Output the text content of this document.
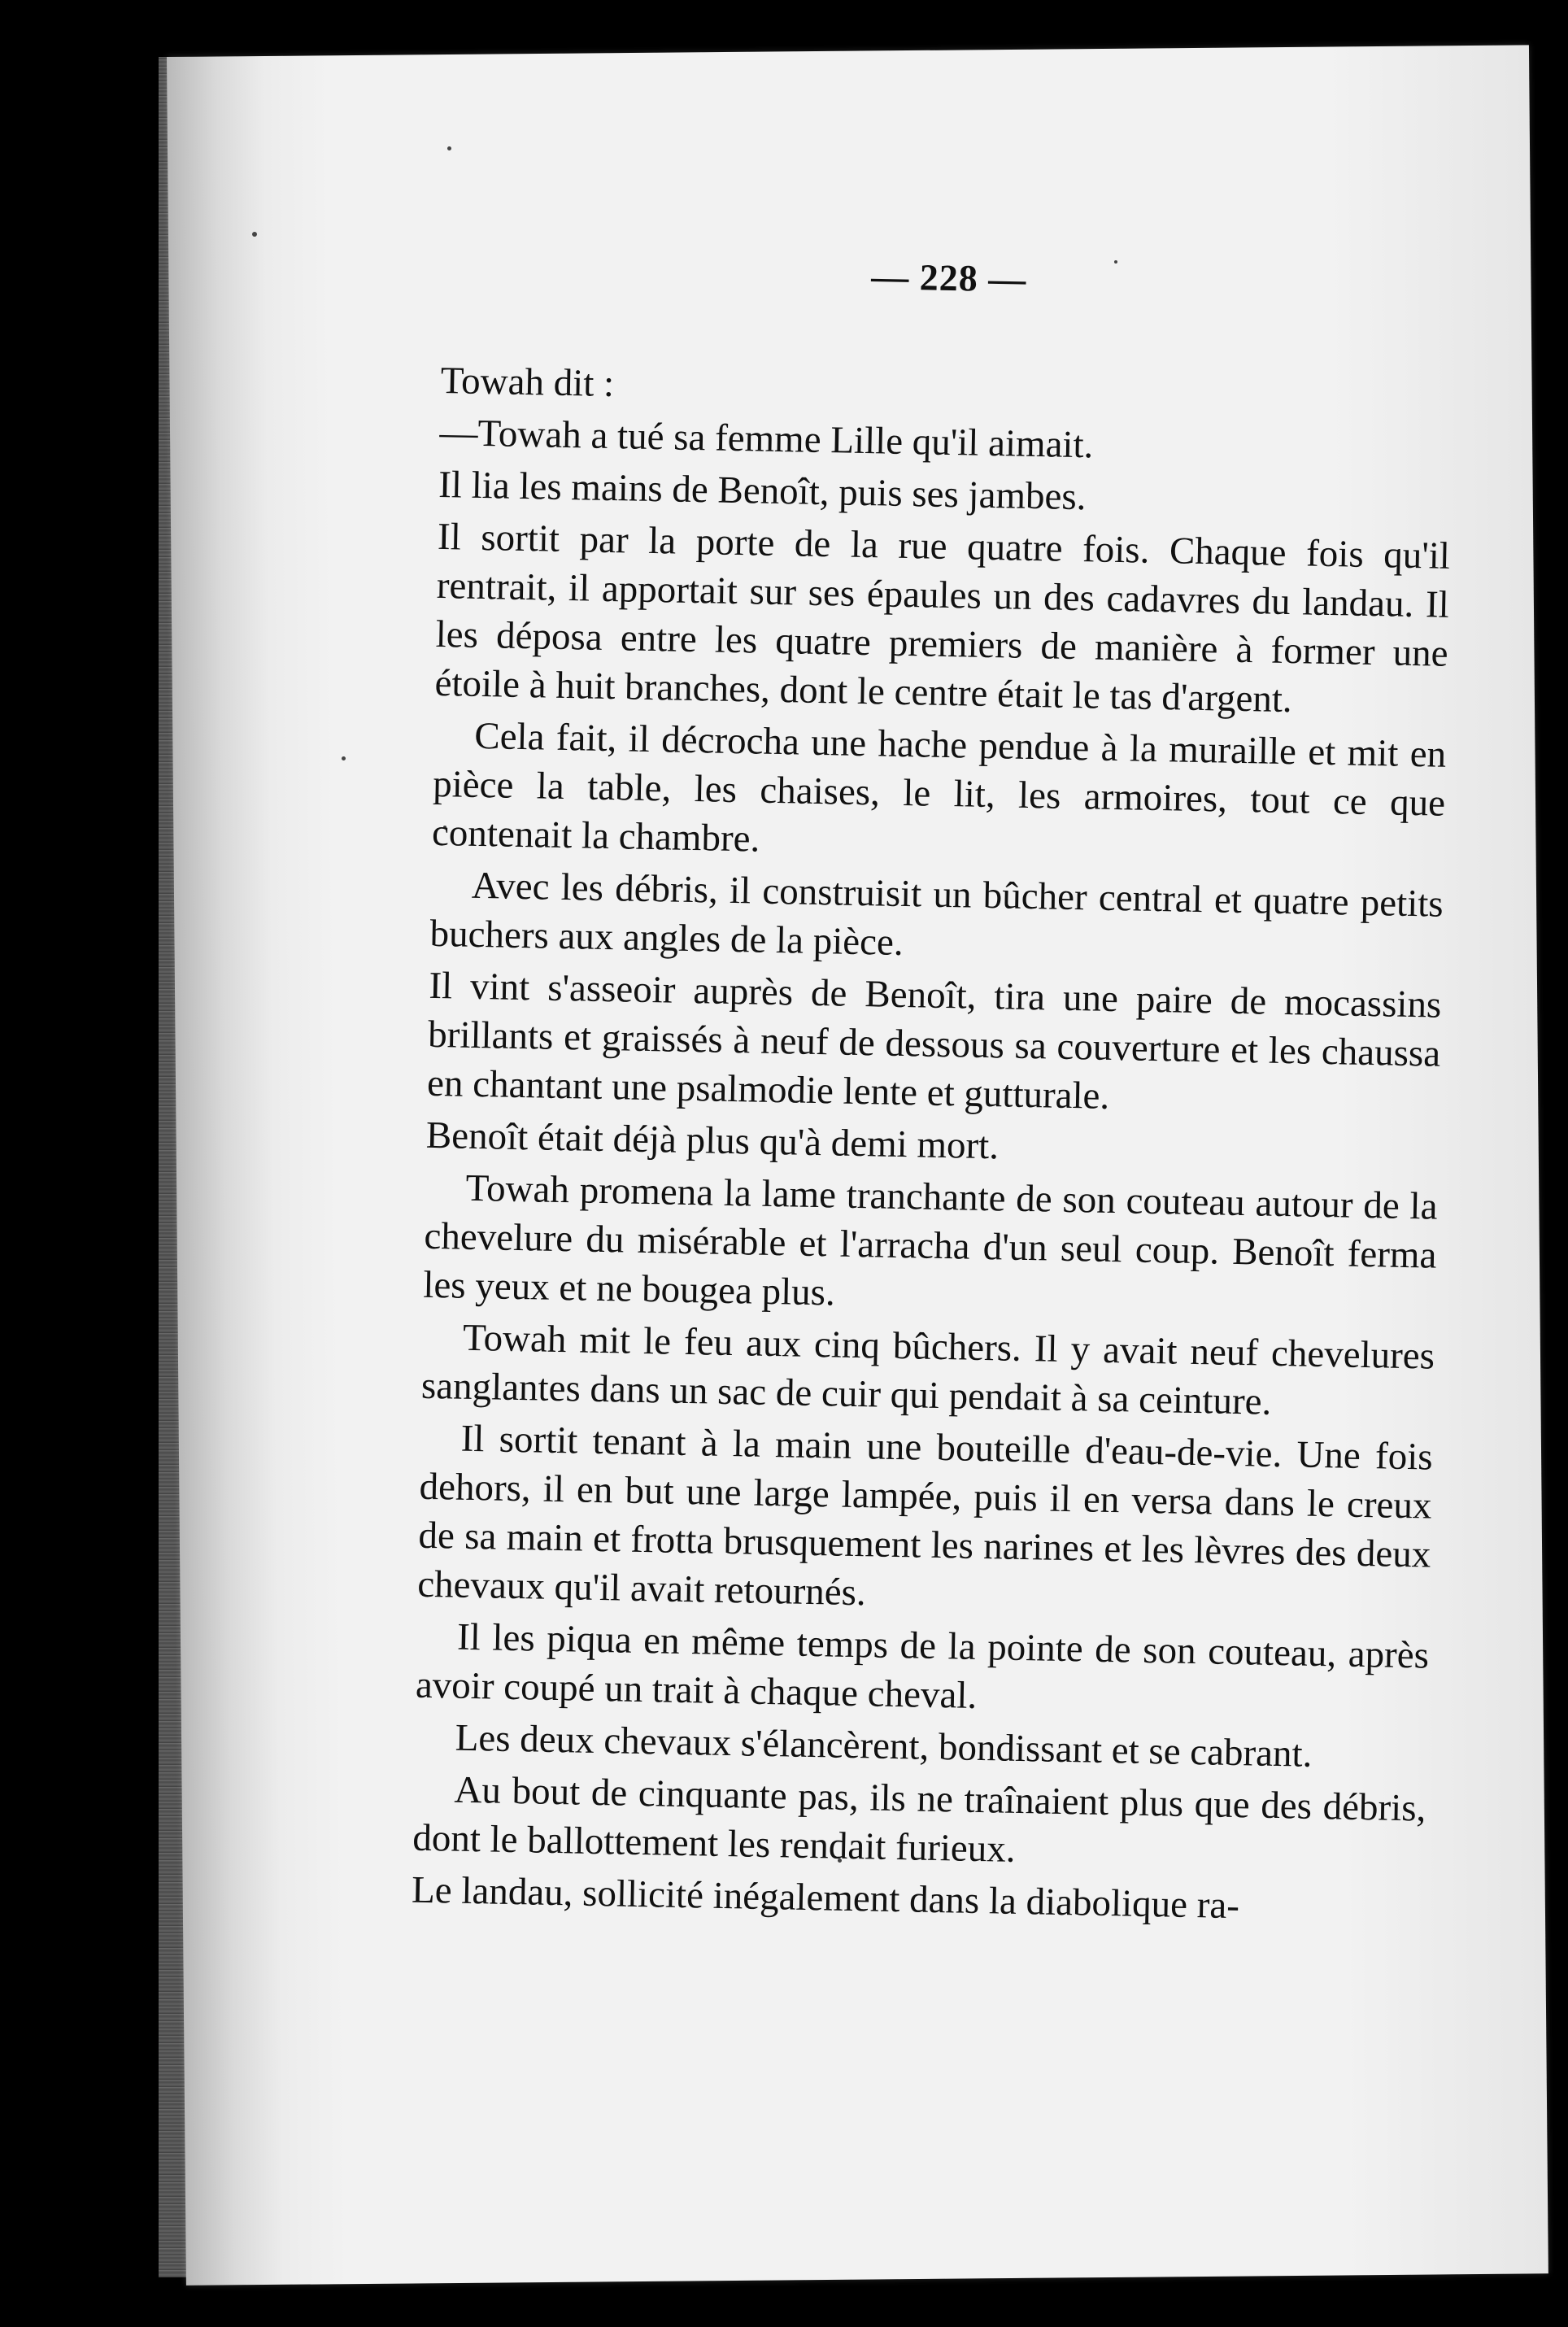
— 228 —

Towah dit :

—Towah a tué sa femme Lille qu'il aimait.

Il lia les mains de Benoît, puis ses jambes.

Il sortit par la porte de la rue quatre fois. Chaque fois qu'il rentrait, il apportait sur ses épaules un des cadavres du landau. Il les déposa entre les quatre premiers de manière à former une étoile à huit branches, dont le centre était le tas d'argent.

Cela fait, il décrocha une hache pendue à la muraille et mit en pièce la table, les chaises, le lit, les armoires, tout ce que contenait la chambre.

Avec les débris, il construisit un bûcher central et quatre petits buchers aux angles de la pièce.

Il vint s'asseoir auprès de Benoît, tira une paire de mocassins brillants et graissés à neuf de dessous sa couverture et les chaussa en chantant une psalmodie lente et gutturale.

Benoît était déjà plus qu'à demi mort.

Towah promena la lame tranchante de son couteau autour de la chevelure du misérable et l'arracha d'un seul coup. Benoît ferma les yeux et ne bougea plus.

Towah mit le feu aux cinq bûchers. Il y avait neuf chevelures sanglantes dans un sac de cuir qui pendait à sa ceinture.

Il sortit tenant à la main une bouteille d'eau-de-vie. Une fois dehors, il en but une large lampée, puis il en versa dans le creux de sa main et frotta brusquement les narines et les lèvres des deux chevaux qu'il avait retournés.

Il les piqua en même temps de la pointe de son couteau, après avoir coupé un trait à chaque cheval.

Les deux chevaux s'élancèrent, bondissant et se cabrant.

Au bout de cinquante pas, ils ne traînaient plus que des débris, dont le ballottement les rendait furieux.

Le landau, sollicité inégalement dans la diabolique ra-
